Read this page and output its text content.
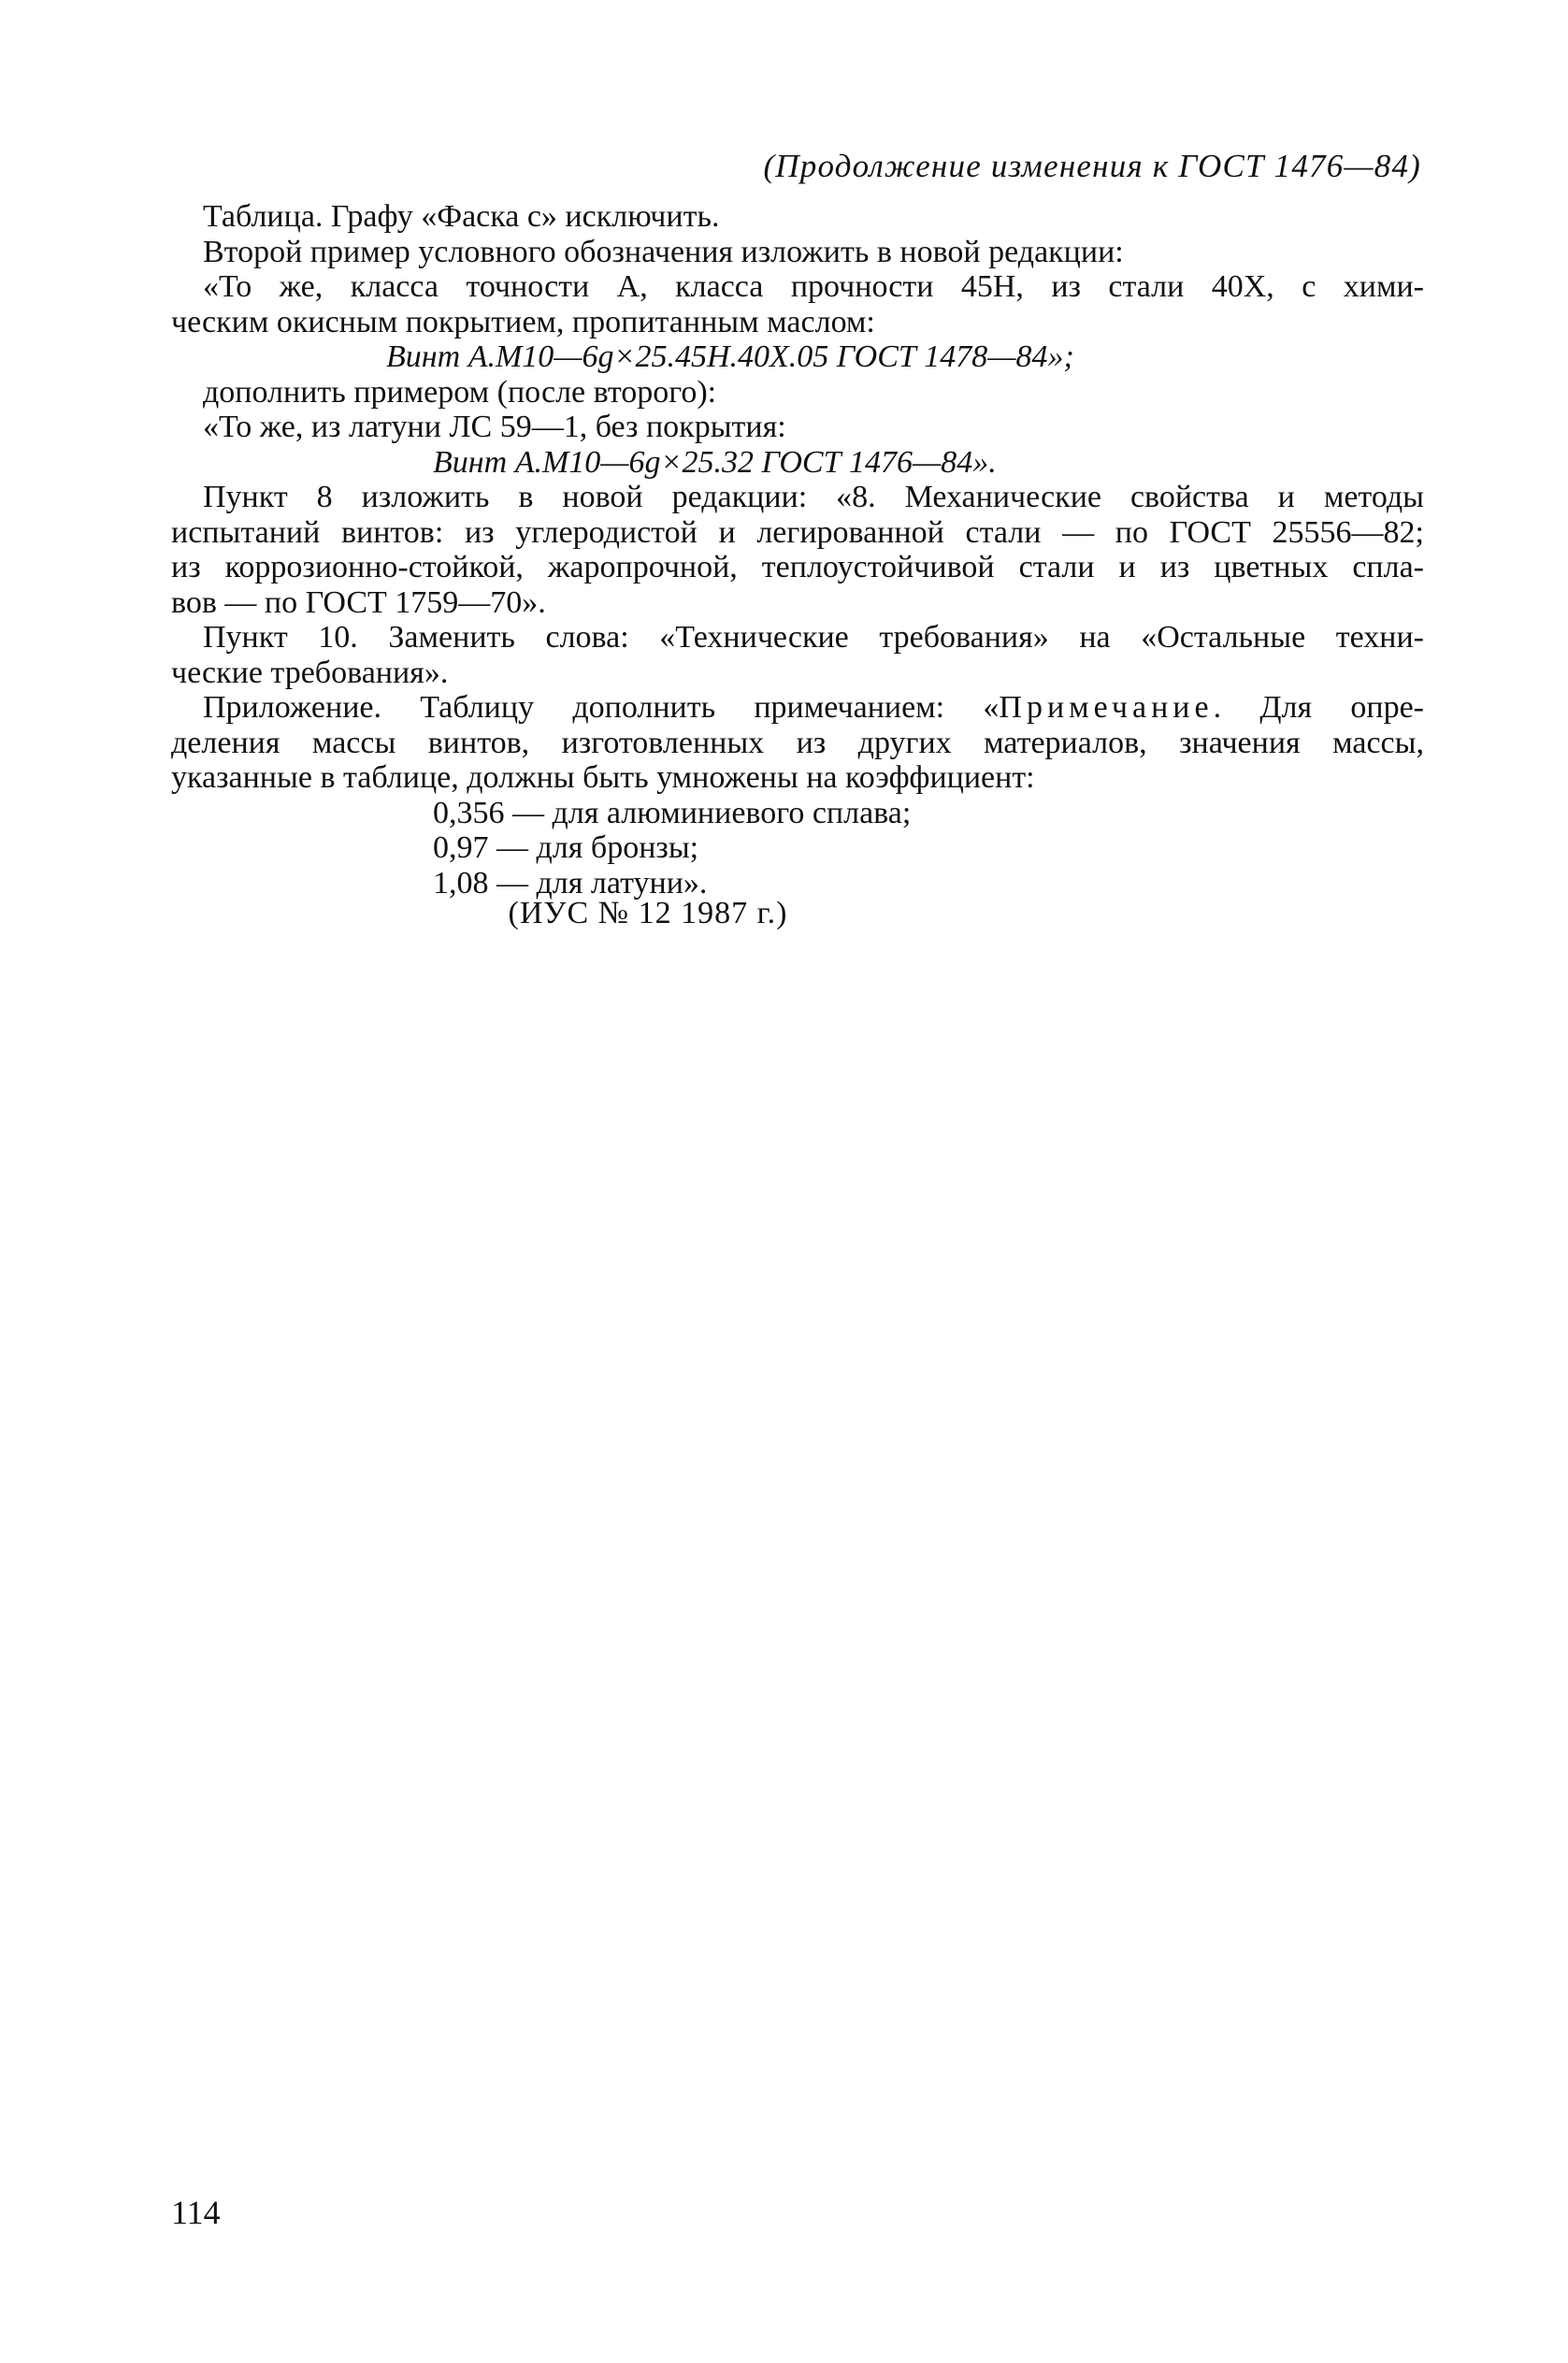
(Продолжение изменения к ГОСТ 1476—84)
Таблица. Графу «Фаска с» исключить.
Второй пример условного обозначения изложить в новой редакции:
«То же, класса точности А, класса прочности 45Н, из стали 40Х, с хими-
ческим окисным покрытием, пропитанным маслом:
Винт А.М10—6g×25.45Н.40Х.05 ГОСТ 1478—84»;
дополнить примером (после второго):
«То же, из латуни ЛС 59—1, без покрытия:
Винт А.М10—6g×25.32 ГОСТ 1476—84».
Пункт 8 изложить в новой редакции: «8. Механические свойства и методы
испытаний винтов: из углеродистой и легированной стали — по ГОСТ 25556—82;
из коррозионно-стойкой, жаропрочной, теплоустойчивой стали и из цветных спла-
вов — по ГОСТ 1759—70».
Пункт 10. Заменить слова: «Технические требования» на «Остальные техни-
ческие требования».
Приложение. Таблицу дополнить примечанием: «Примечание. Для опре-
деления массы винтов, изготовленных из других материалов, значения массы,
указанные в таблице, должны быть умножены на коэффициент:
0,356 — для алюминиевого сплава;
0,97 — для бронзы;
1,08 — для латуни».
(ИУС № 12 1987 г.)
114
